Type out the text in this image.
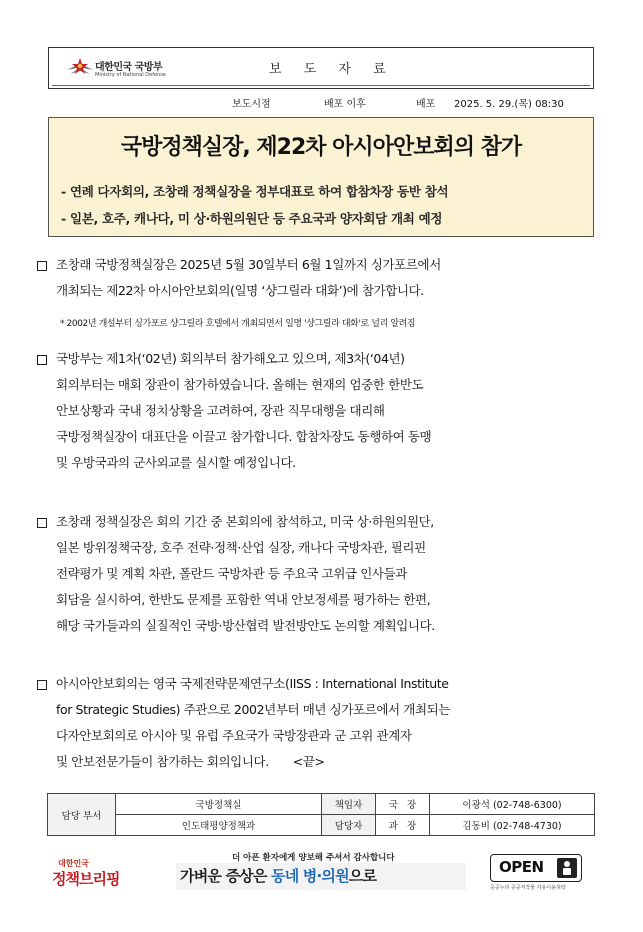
대한민국 국방부
Ministry of National Defense	보 도 자 료
보도시점	배포 이후	배포 2025. 5. 29.(목) 08:30
국방정책실장, 제22차 아시아안보회의 참가
- 연례 다자회의, 조창래 정책실장을 정부대표로 하여 합참차장 동반 참석
- 일본, 호주, 캐나다, 미 상·하원의원단 등 주요국과 양자회담 개최 예정
조창래 국방정책실장은 2025년 5월 30일부터 6월 1일까지 싱가포르에서
개최되는 제22차 아시아안보회의(일명 ‘샹그릴라 대화’)에 참가합니다.
* 2002년 개설부터 싱가포르 샹그릴라 호텔에서 개최되면서 일명 '샹그릴라 대화'로 널리 알려짐
국방부는 제1차(‘02년) 회의부터 참가해오고 있으며, 제3차(‘04년)
회의부터는 매회 장관이 참가하였습니다. 올해는 현재의 엄중한 한반도
안보상황과 국내 정치상황을 고려하여, 장관 직무대행을 대리해
국방정책실장이 대표단을 이끌고 참가합니다. 합참차장도 동행하여 동맹
및 우방국과의 군사외교를 실시할 예정입니다.
조창래 정책실장은 회의 기간 중 본회의에 참석하고, 미국 상·하원의원단,
일본 방위정책국장, 호주 전략·정책·산업 실장, 캐나다 국방차관, 필리핀
전략평가 및 계획 차관, 폴란드 국방차관 등 주요국 고위급 인사들과
회담을 실시하여, 한반도 문제를 포함한 역내 안보정세를 평가하는 한편,
해당 국가들과의 실질적인 국방·방산협력 발전방안도 논의할 계획입니다.
아시아안보회의는 영국 국제전략문제연구소(IISS : International Institute
for Strategic Studies) 주관으로 2002년부터 매년 싱가포르에서 개최되는
다자안보회의로 아시아 및 유럽 주요국가 국방장관과 군 고위 관계자
및 안보전문가들이 참가하는 회의입니다. <끝>
담당 부서	국방정책실	책임자	국   장	이광석 (02-748-6300)
	인도태평양정책과	담당자	과   장	김동비 (02-748-4730)
대한민국
정책브리핑
더 아픈 환자에게 양보해 주셔서 감사합니다
가벼운 증상은 동네 병·의원으로	OPEN
공공누리 공공저작물 자유이용허락
